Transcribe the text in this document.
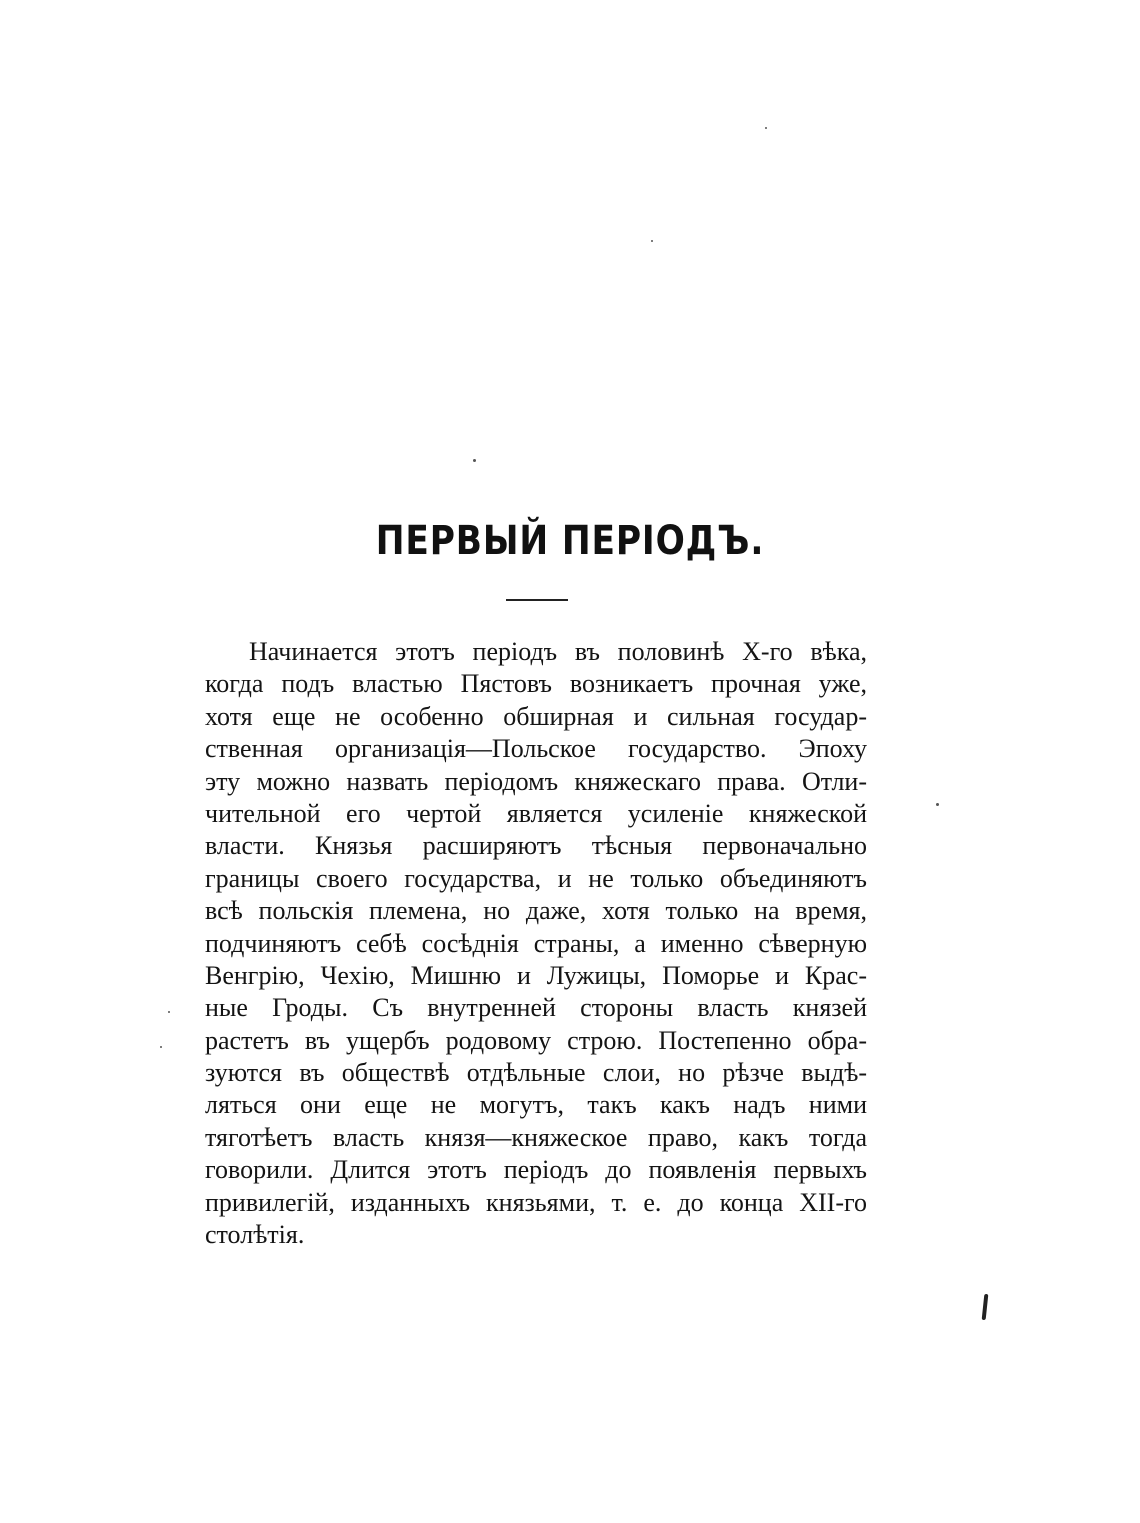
ПЕРВЫЙ ПЕРІОДЪ.
Начинается этотъ періодъ въ половинѣ X-го вѣка,
когда подъ властью Пястовъ возникаетъ прочная уже,
хотя еще не особенно обширная и сильная государ-
ственная организація—Польское государство. Эпоху
эту можно назвать періодомъ княжескаго права. Отли-
чительной его чертой является усиленіе княжеской
власти. Князья расширяютъ тѣсныя первоначально
границы своего государства, и не только объединяютъ
всѣ польскія племена, но даже, хотя только на время,
подчиняютъ себѣ сосѣднія страны, а именно сѣверную
Венгрію, Чехію, Мишню и Лужицы, Поморье и Крас-
ные Гроды. Съ внутренней стороны власть князей
растетъ въ ущербъ родовому строю. Постепенно обра-
зуются въ обществѣ отдѣльные слои, но рѣзче выдѣ-
ляться они еще не могутъ, такъ какъ надъ ними
тяготѣетъ власть князя—княжеское право, какъ тогда
говорили. Длится этотъ періодъ до появленія первыхъ
привилегій, изданныхъ князьями, т. е. до конца XII-го
столѣтія.
